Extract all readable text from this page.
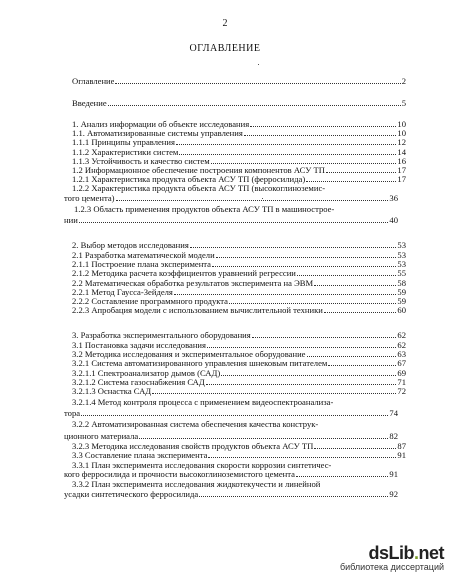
2
ОГЛАВЛЕНИЕ
Оглавление	2
Введение	5
1. Анализ информации об объекте исследования	10
1.1. Автоматизированные системы управления	10
1.1.1 Принципы управления	12
1.1.2 Характеристики систем	14
1.1.3 Устойчивость и качество систем	16
1.2 Информационное обеспечение построения компонентов АСУ ТП	17
1.2.1 Характеристика продукта объекта АСУ ТП (ферросилида)	17
1.2.2 Характеристика продукта объекта АСУ ТП (высокоглиноземис-
того цемента)	36
1.2.3 Область применения продуктов объекта АСУ ТП в машинострое-
нии	40
2. Выбор методов исследования	53
2.1 Разработка математической модели	53
2.1.1 Построение плана эксперимента	53
2.1.2 Методика расчета коэффициентов уравнений регрессии	55
2.2 Математическая обработка результатов эксперимента на ЭВМ	58
2.2.1 Метод Гаусса-Зейделя	59
2.2.2 Составление программного продукта	59
2.2.3 Апробация модели с использованием вычислительной техники	60
3. Разработка экспериментального оборудования	62
3.1 Постановка задачи исследования	62
3.2 Методика исследования и экспериментальное оборудование	63
3.2.1 Система автоматизированного управления шнековым питателем	67
3.2.1.1 Спектроанализатор дымов (САД)	69
3.2.1.2 Система газоснабжения САД	71
3.2.1.3 Оснастка САД	72
3.2.1.4 Метод контроля процесса с применением видеоспектроанализа-
тора	74
3.2.2 Автоматизированная система обеспечения качества конструк-
ционного материала	82
3.2.3 Методика исследования свойств продуктов объекта АСУ ТП	87
3.3 Составление плана эксперимента	91
3.3.1 План эксперимента исследования скорости коррозии синтетичес-
кого ферросилида и прочности высокоглиноземистого цемента	91
3.3.2 План эксперимента исследования жидкотекучести и линейной
усадки синтетического ферросилида	92
dsLib.net
библиотека диссертаций
